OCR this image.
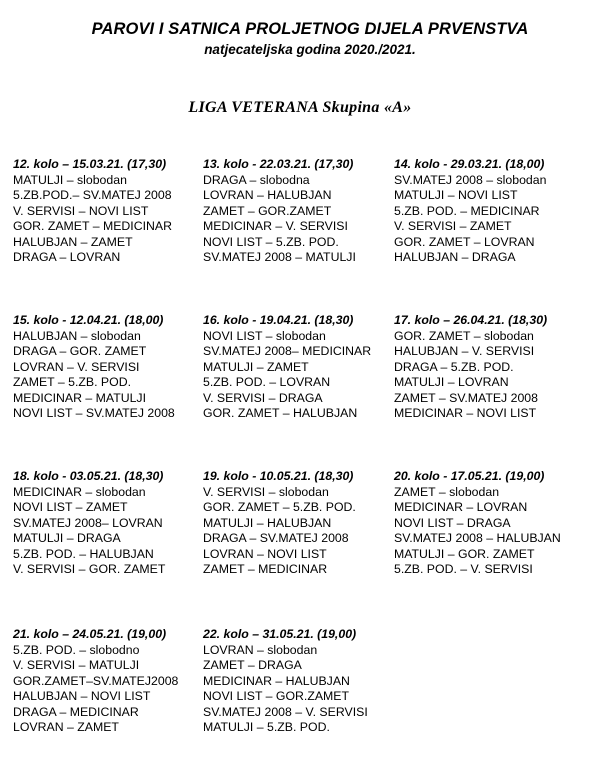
PAROVI I SATNICA PROLJETNOG DIJELA PRVENSTVA
natjecateljska godina 2020./2021.
LIGA VETERANA Skupina «A»
12. kolo – 15.03.21. (17,30)
MATULJI – slobodan
5.ZB.POD.– SV.MATEJ 2008
V. SERVISI – NOVI LIST
GOR. ZAMET – MEDICINAR
HALUBJAN – ZAMET
DRAGA – LOVRAN
13. kolo - 22.03.21. (17,30)
DRAGA – slobodna
LOVRAN – HALUBJAN
ZAMET – GOR.ZAMET
MEDICINAR – V. SERVISI
NOVI LIST – 5.ZB. POD.
SV.MATEJ 2008 – MATULJI
14. kolo - 29.03.21. (18,00)
SV.MATEJ 2008 – slobodan
MATULJI – NOVI LIST
5.ZB. POD. – MEDICINAR
V. SERVISI – ZAMET
GOR. ZAMET – LOVRAN
HALUBJAN – DRAGA
15. kolo - 12.04.21. (18,00)
HALUBJAN – slobodan
DRAGA – GOR. ZAMET
LOVRAN – V. SERVISI
ZAMET – 5.ZB. POD.
MEDICINAR – MATULJI
NOVI LIST – SV.MATEJ 2008
16. kolo - 19.04.21. (18,30)
NOVI LIST – slobodan
SV.MATEJ 2008– MEDICINAR
MATULJI – ZAMET
5.ZB. POD. – LOVRAN
V. SERVISI – DRAGA
GOR. ZAMET – HALUBJAN
17. kolo – 26.04.21. (18,30)
GOR. ZAMET – slobodan
HALUBJAN – V. SERVISI
DRAGA – 5.ZB. POD.
MATULJI – LOVRAN
ZAMET – SV.MATEJ 2008
MEDICINAR – NOVI LIST
18. kolo - 03.05.21. (18,30)
MEDICINAR – slobodan
NOVI LIST – ZAMET
SV.MATEJ 2008– LOVRAN
MATULJI – DRAGA
5.ZB. POD. – HALUBJAN
V. SERVISI – GOR. ZAMET
19. kolo - 10.05.21. (18,30)
V. SERVISI – slobodan
GOR. ZAMET – 5.ZB. POD.
MATULJI – HALUBJAN
DRAGA – SV.MATEJ 2008
LOVRAN – NOVI LIST
ZAMET – MEDICINAR
20. kolo - 17.05.21. (19,00)
ZAMET – slobodan
MEDICINAR – LOVRAN
NOVI LIST – DRAGA
SV.MATEJ 2008 – HALUBJAN
MATULJI – GOR. ZAMET
5.ZB. POD. – V. SERVISI
21. kolo – 24.05.21. (19,00)
5.ZB. POD. – slobodno
V. SERVISI – MATULJI
GOR.ZAMET–SV.MATEJ2008
HALUBJAN – NOVI LIST
DRAGA – MEDICINAR
LOVRAN – ZAMET
22. kolo – 31.05.21. (19,00)
LOVRAN – slobodan
ZAMET – DRAGA
MEDICINAR – HALUBJAN
NOVI LIST – GOR.ZAMET
SV.MATEJ 2008 – V. SERVISI
MATULJI – 5.ZB. POD.
